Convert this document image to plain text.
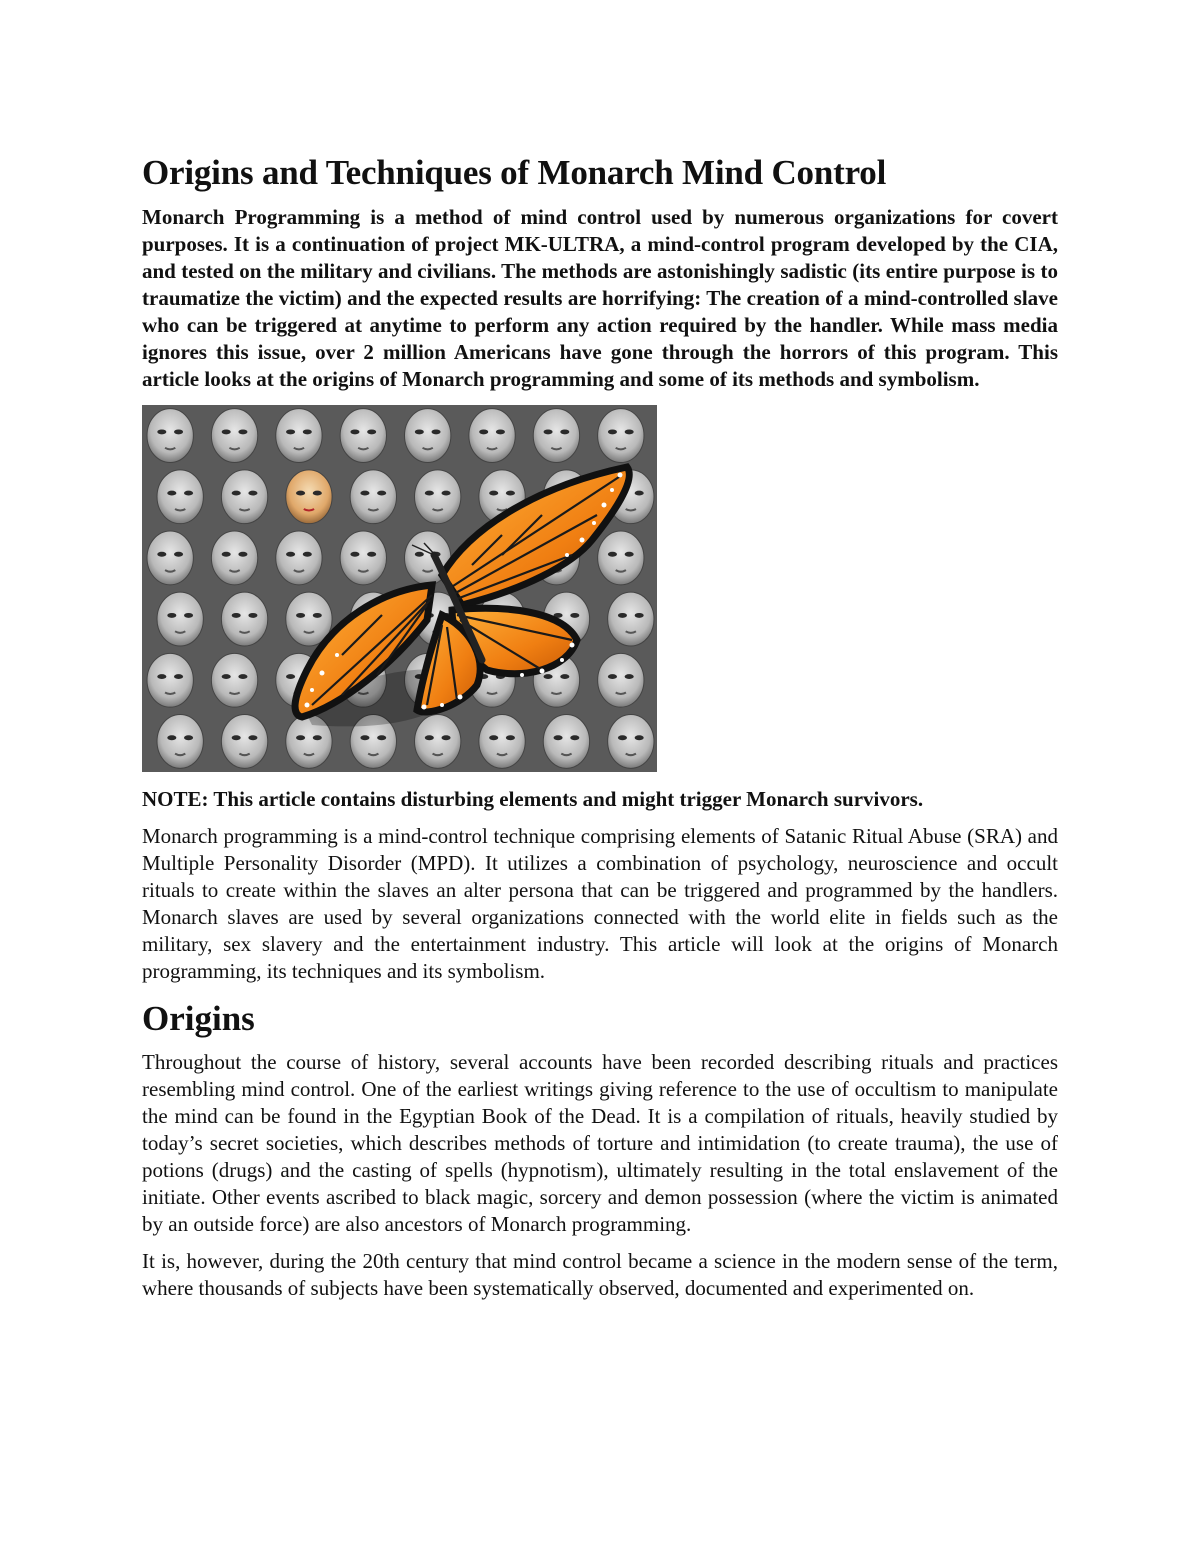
Origins and Techniques of Monarch Mind Control

Monarch Programming is a method of mind control used by numerous organizations for covert purposes. It is a continuation of project MK-ULTRA, a mind-control program developed by the CIA, and tested on the military and civilians. The methods are astonishingly sadistic (its entire purpose is to traumatize the victim) and the expected results are horrifying: The creation of a mind-controlled slave who can be triggered at anytime to perform any action required by the handler. While mass media ignores this issue, over 2 million Americans have gone through the horrors of this program. This article looks at the origins of Monarch programming and some of its methods and symbolism.

NOTE: This article contains disturbing elements and might trigger Monarch survivors.

Monarch programming is a mind-control technique comprising elements of Satanic Ritual Abuse (SRA) and Multiple Personality Disorder (MPD). It utilizes a combination of psychology, neuroscience and occult rituals to create within the slaves an alter persona that can be triggered and programmed by the handlers. Monarch slaves are used by several organizations connected with the world elite in fields such as the military, sex slavery and the entertainment industry. This article will look at the origins of Monarch programming, its techniques and its symbolism.

Origins

Throughout the course of history, several accounts have been recorded describing rituals and practices resembling mind control. One of the earliest writings giving reference to the use of occultism to manipulate the mind can be found in the Egyptian Book of the Dead. It is a compilation of rituals, heavily studied by today’s secret societies, which describes methods of torture and intimidation (to create trauma), the use of potions (drugs) and the casting of spells (hypnotism), ultimately resulting in the total enslavement of the initiate. Other events ascribed to black magic, sorcery and demon possession (where the victim is animated by an outside force) are also ancestors of Monarch programming.

It is, however, during the 20th century that mind control became a science in the modern sense of the term, where thousands of subjects have been systematically observed, documented and experimented on.
